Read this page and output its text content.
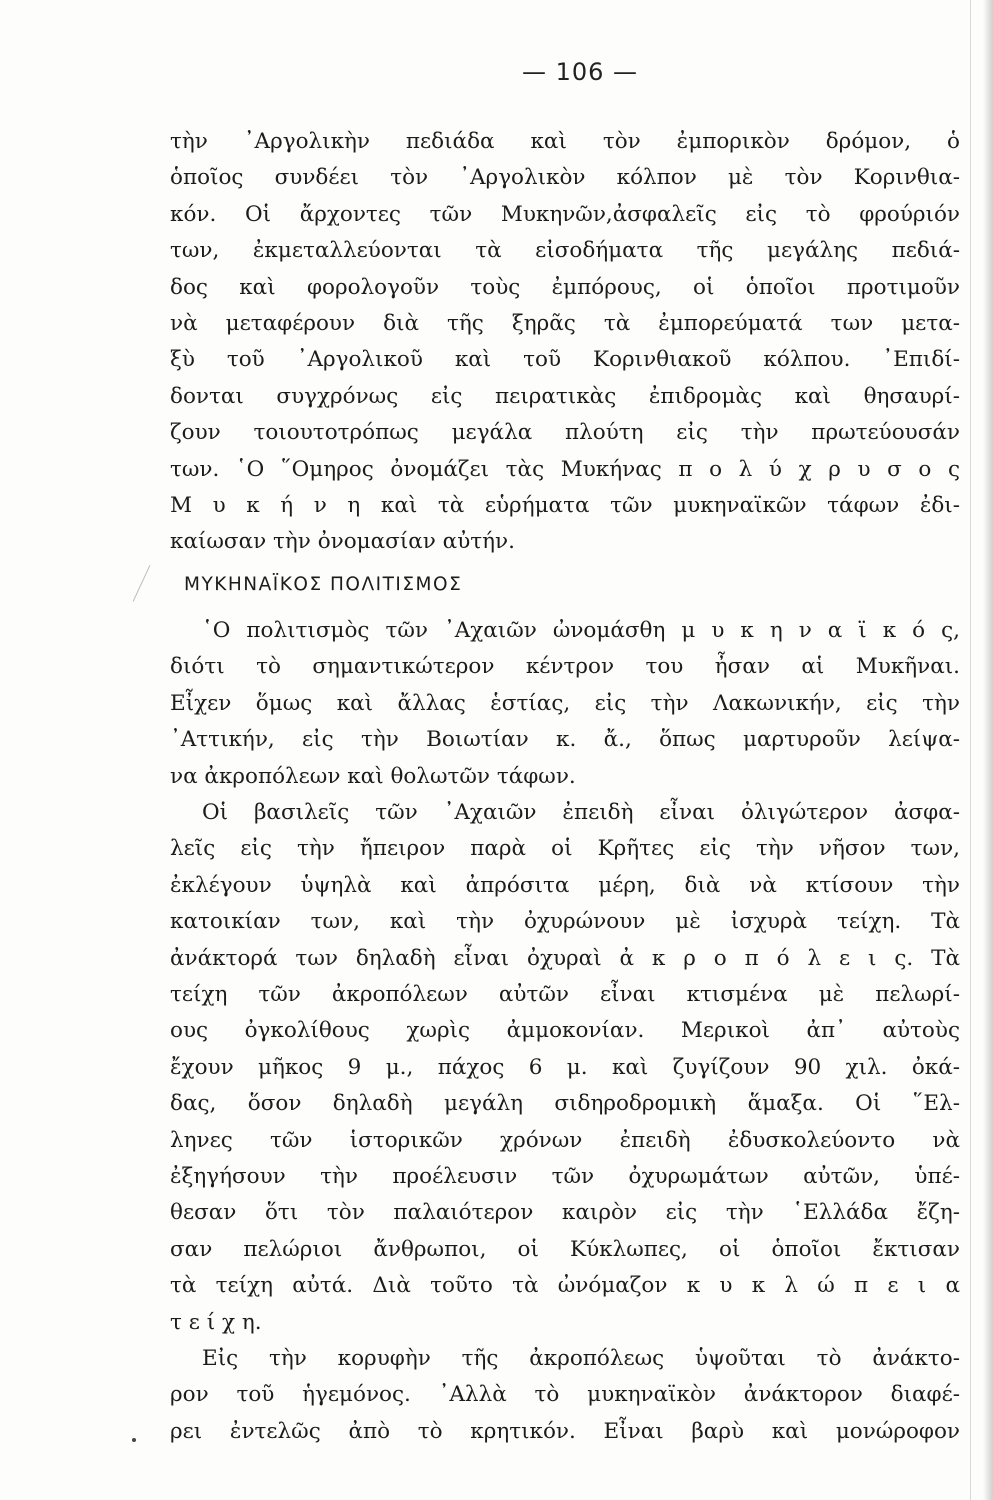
— 106 —
τὴν ᾿Αργολικὴν πεδιάδα καὶ τὸν ἐμπορικὸν δρόμον, ὁ
ὁποῖος συνδέει τὸν ᾿Αργολικὸν κόλπον μὲ τὸν Κορινθια-
κόν. Οἱ ἄρχοντες τῶν Μυκηνῶν,ἀσφαλεῖς εἰς τὸ φρούριόν
των, ἐκμεταλλεύονται τὰ εἰσοδήματα τῆς μεγάλης πεδιά-
δος καὶ φορολογοῦν τοὺς ἐμπόρους, οἱ ὁποῖοι προτιμοῦν
νὰ μεταφέρουν διὰ τῆς ξηρᾶς τὰ ἐμπορεύματά των μετα-
ξὺ τοῦ ᾿Αργολικοῦ καὶ τοῦ Κορινθιακοῦ κόλπου. ᾿Επιδί-
δονται συγχρόνως εἰς πειρατικὰς ἐπιδρομὰς καὶ θησαυρί-
ζουν τοιουτοτρόπως μεγάλα πλούτη εἰς τὴν πρωτεύουσάν
των. ῾Ο ῞Ομηρος ὀνομάζει τὰς Μυκήνας π ο λ ύ χ ρ υ σ ο ς
Μ υ κ ή ν η καὶ τὰ εὑρήματα τῶν μυκηναϊκῶν τάφων ἐδι-
καίωσαν τὴν ὀνομασίαν αὐτήν.
ΜΥΚΗΝΑΪΚΟΣ ΠΟΛΙΤΙΣΜΟΣ
῾Ο πολιτισμὸς τῶν ᾿Αχαιῶν ὠνομάσθη μ υ κ η ν α ϊ κ ό ς,
διότι τὸ σημαντικώτερον κέντρον του ἦσαν αἱ Μυκῆναι.
Εἶχεν ὅμως καὶ ἄλλας ἑστίας, εἰς τὴν Λακωνικήν, εἰς τὴν
᾿Αττικήν, εἰς τὴν Βοιωτίαν κ. ἄ., ὅπως μαρτυροῦν λείψα-
να ἀκροπόλεων καὶ θολωτῶν τάφων.
Οἱ βασιλεῖς τῶν ᾿Αχαιῶν ἐπειδὴ εἶναι ὀλιγώτερον ἀσφα-
λεῖς εἰς τὴν ἤπειρον παρὰ οἱ Κρῆτες εἰς τὴν νῆσον των,
ἐκλέγουν ὑψηλὰ καὶ ἀπρόσιτα μέρη, διὰ νὰ κτίσουν τὴν
κατοικίαν των, καὶ τὴν ὀχυρώνουν μὲ ἰσχυρὰ τείχη. Τὰ
ἀνάκτορά των δηλαδὴ εἶναι ὀχυραὶ ἀ κ ρ ο π ό λ ε ι ς. Τὰ
τείχη τῶν ἀκροπόλεων αὐτῶν εἶναι κτισμένα μὲ πελωρί-
ους ὀγκολίθους χωρὶς ἀμμοκονίαν. Μερικοὶ ἀπ᾿ αὐτοὺς
ἔχουν μῆκος 9 μ., πάχος 6 μ. καὶ ζυγίζουν 90 χιλ. ὀκά-
δας, ὅσον δηλαδὴ μεγάλη σιδηροδρομικὴ ἅμαξα. Οἱ ῞Ελ-
ληνες τῶν ἱστορικῶν χρόνων ἐπειδὴ ἐδυσκολεύοντο νὰ
ἐξηγήσουν τὴν προέλευσιν τῶν ὀχυρωμάτων αὐτῶν, ὑπέ-
θεσαν ὅτι τὸν παλαιότερον καιρὸν εἰς τὴν ῾Ελλάδα ἔζη-
σαν πελώριοι ἄνθρωποι, οἱ Κύκλωπες, οἱ ὁποῖοι ἔκτισαν
τὰ τείχη αὐτά. Διὰ τοῦτο τὰ ὠνόμαζον κ υ κ λ ώ π ε ι α
τ ε ί χ η.
Εἰς τὴν κορυφὴν τῆς ἀκροπόλεως ὑψοῦται τὸ ἀνάκτο-
ρον τοῦ ἡγεμόνος. ᾿Αλλὰ τὸ μυκηναϊκὸν ἀνάκτορον διαφέ-
ρει ἐντελῶς ἀπὸ τὸ κρητικόν. Εἶναι βαρὺ καὶ μονώροφον
